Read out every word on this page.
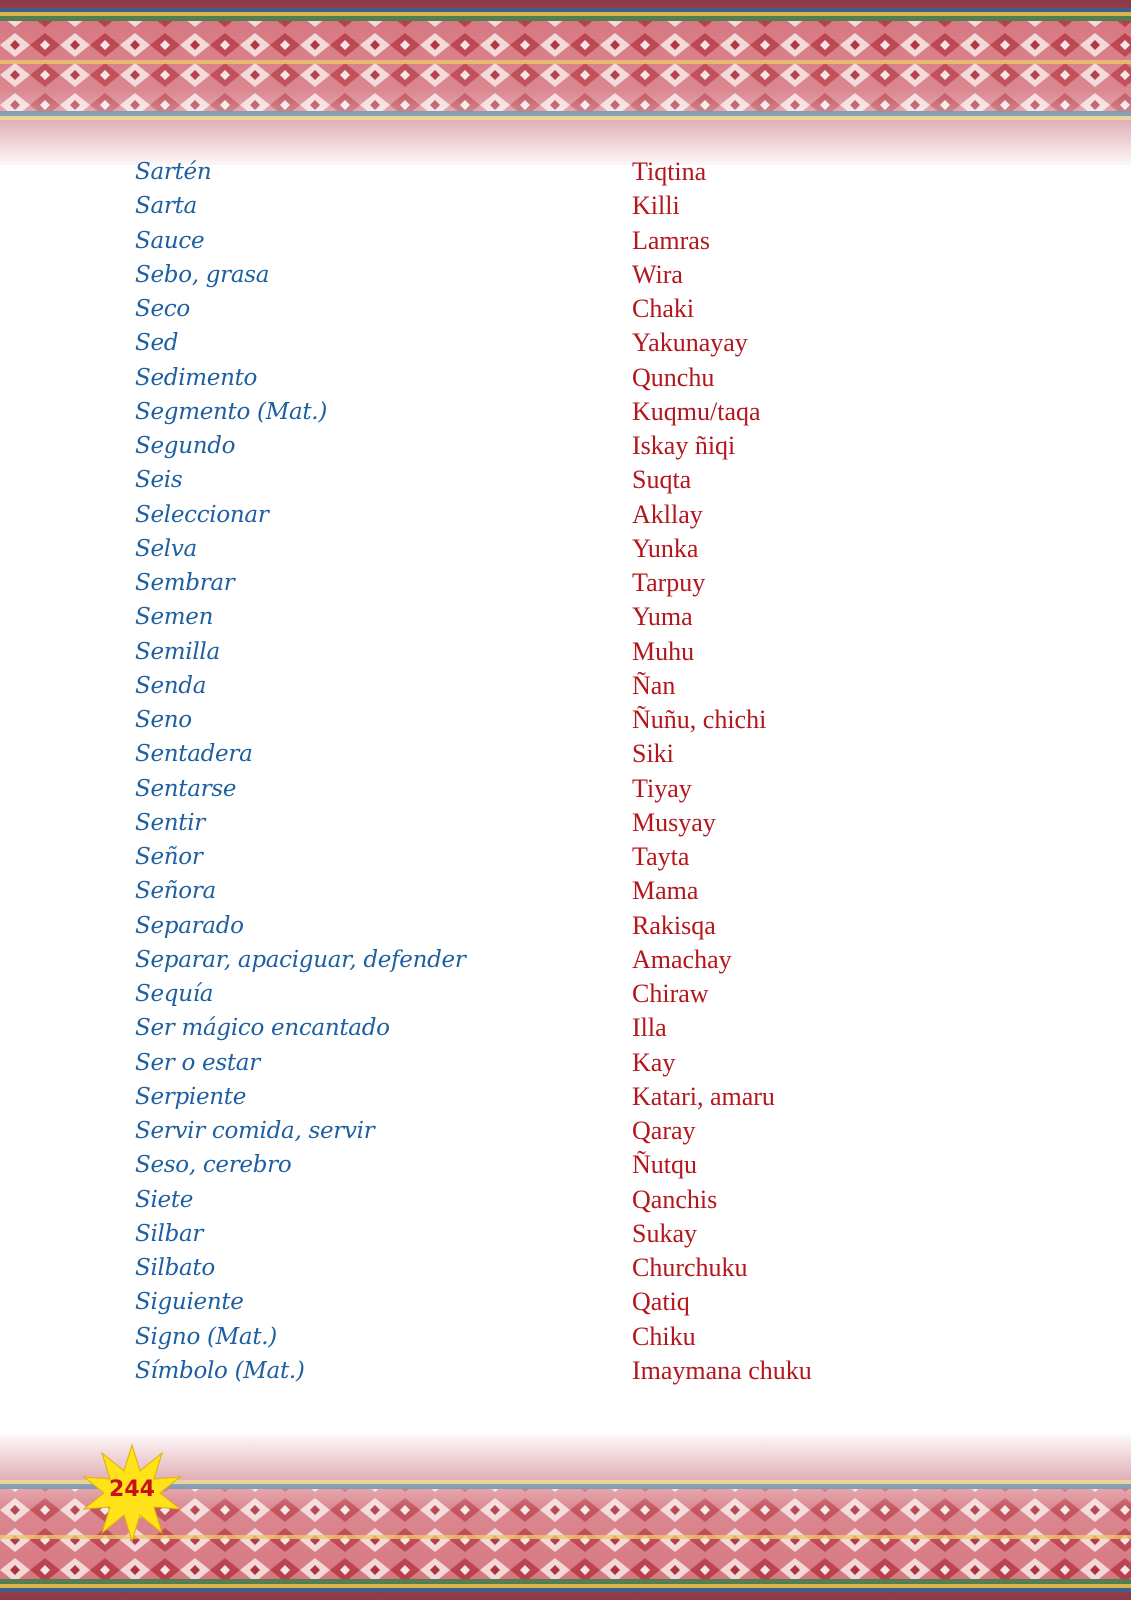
Sartén	Tiqtina
Sarta	Killi
Sauce	Lamras
Sebo, grasa	Wira
Seco	Chaki
Sed	Yakunayay
Sedimento	Qunchu
Segmento (Mat.)	Kuqmu/taqa
Segundo	Iskay ñiqi
Seis	Suqta
Seleccionar	Akllay
Selva	Yunka
Sembrar	Tarpuy
Semen	Yuma
Semilla	Muhu
Senda	Ñan
Seno	Ñuñu, chichi
Sentadera	Siki
Sentarse	Tiyay
Sentir	Musyay
Señor	Tayta
Señora	Mama
Separado	Rakisqa
Separar, apaciguar, defender	Amachay
Sequía	Chiraw
Ser mágico encantado	Illa
Ser o estar	Kay
Serpiente	Katari, amaru
Servir comida, servir	Qaray
Seso, cerebro	Ñutqu
Siete	Qanchis
Silbar	Sukay
Silbato	Churchuku
Siguiente	Qatiq
Signo (Mat.)	Chiku
Símbolo (Mat.)	Imaymana chuku
244
